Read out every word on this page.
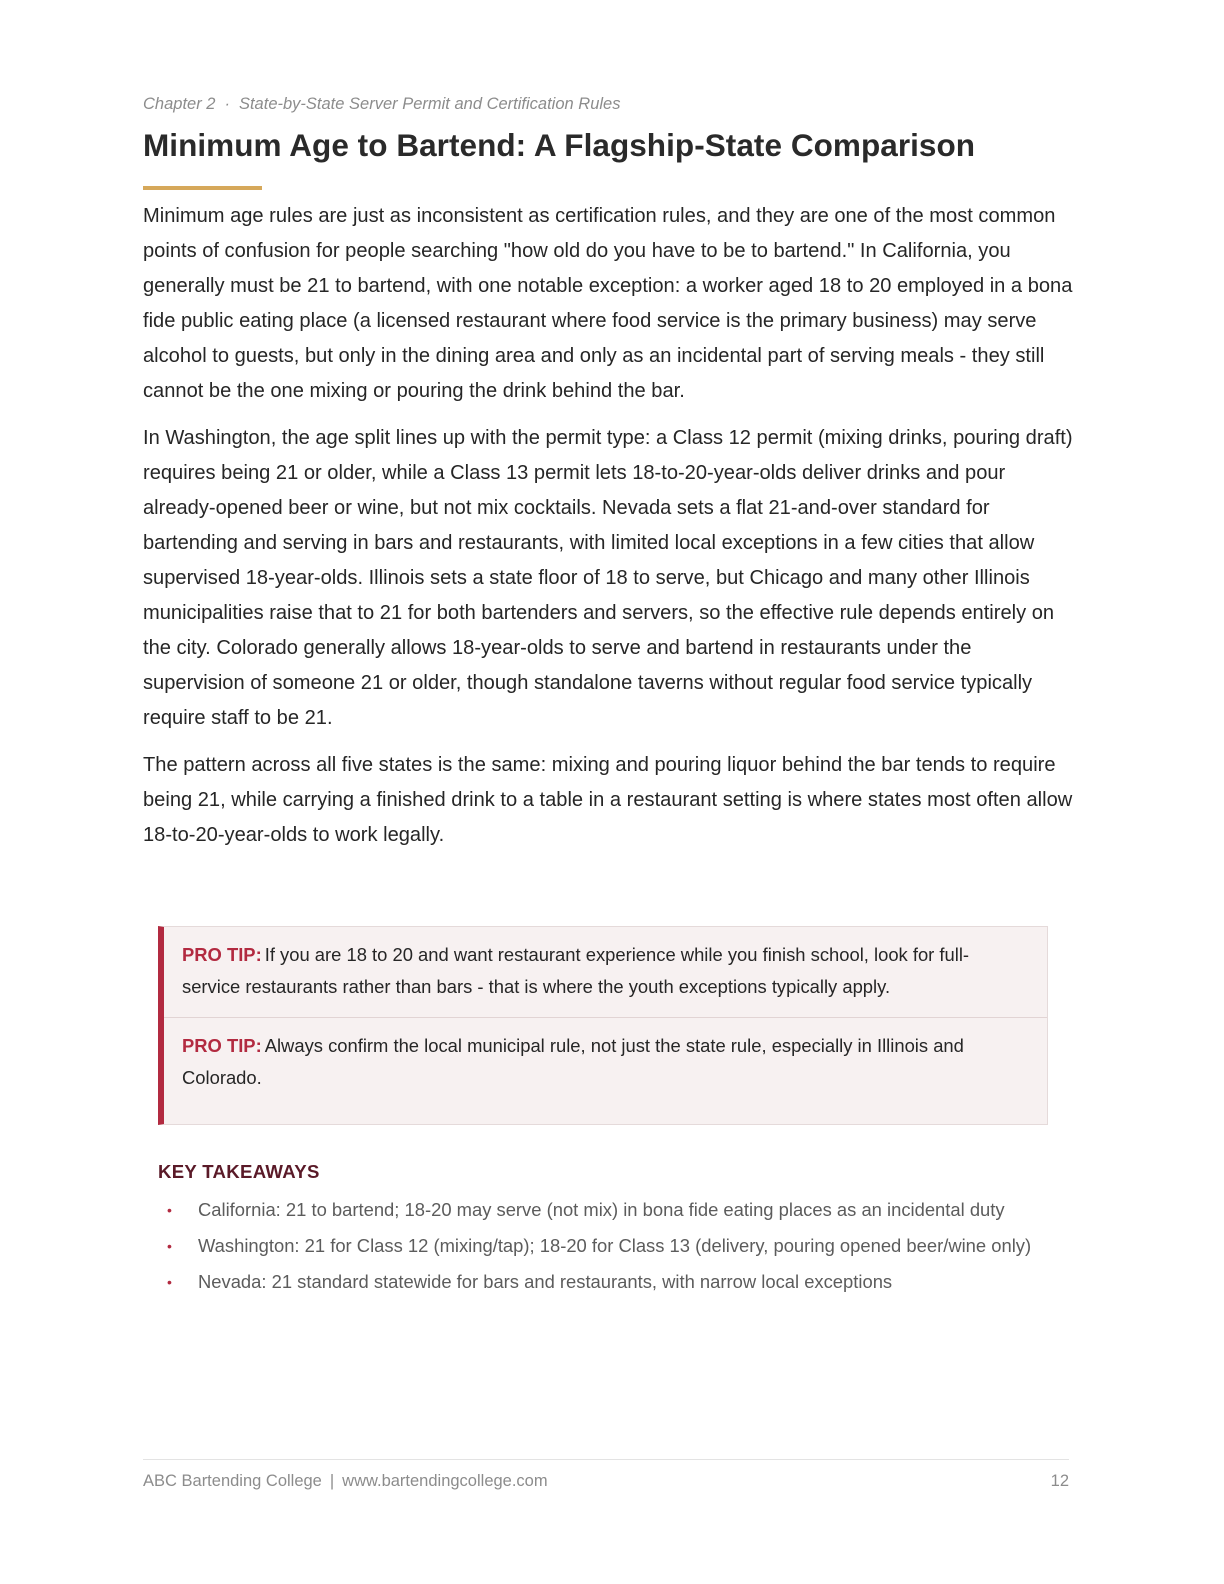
Chapter 2 · State-by-State Server Permit and Certification Rules
Minimum Age to Bartend: A Flagship-State Comparison

Minimum age rules are just as inconsistent as certification rules, and they are one of the most common points of confusion for people searching "how old do you have to be to bartend." In California, you generally must be 21 to bartend, with one notable exception: a worker aged 18 to 20 employed in a bona fide public eating place (a licensed restaurant where food service is the primary business) may serve alcohol to guests, but only in the dining area and only as an incidental part of serving meals - they still cannot be the one mixing or pouring the drink behind the bar.

In Washington, the age split lines up with the permit type: a Class 12 permit (mixing drinks, pouring draft) requires being 21 or older, while a Class 13 permit lets 18-to-20-year-olds deliver drinks and pour already-opened beer or wine, but not mix cocktails. Nevada sets a flat 21-and-over standard for bartending and serving in bars and restaurants, with limited local exceptions in a few cities that allow supervised 18-year-olds. Illinois sets a state floor of 18 to serve, but Chicago and many other Illinois municipalities raise that to 21 for both bartenders and servers, so the effective rule depends entirely on the city. Colorado generally allows 18-year-olds to serve and bartend in restaurants under the supervision of someone 21 or older, though standalone taverns without regular food service typically require staff to be 21.

The pattern across all five states is the same: mixing and pouring liquor behind the bar tends to require being 21, while carrying a finished drink to a table in a restaurant setting is where states most often allow 18-to-20-year-olds to work legally.

PRO TIP: If you are 18 to 20 and want restaurant experience while you finish school, look for full-service restaurants rather than bars - that is where the youth exceptions typically apply.
PRO TIP: Always confirm the local municipal rule, not just the state rule, especially in Illinois and Colorado.
KEY TAKEAWAYS
• California: 21 to bartend; 18-20 may serve (not mix) in bona fide eating places as an incidental duty
• Washington: 21 for Class 12 (mixing/tap); 18-20 for Class 13 (delivery, pouring opened beer/wine only)
• Nevada: 21 standard statewide for bars and restaurants, with narrow local exceptions
ABC Bartending College | www.bartendingcollege.com	12
